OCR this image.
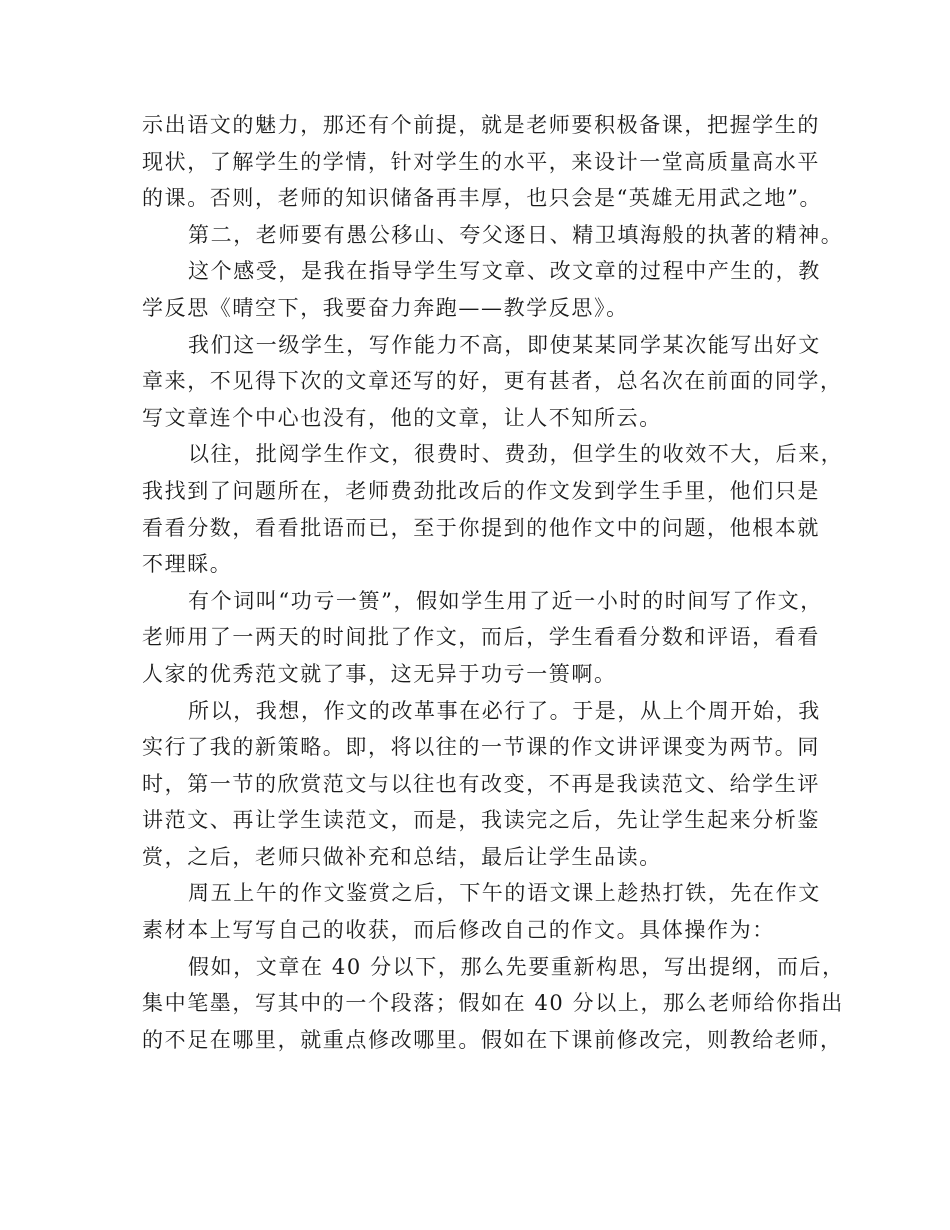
示出语文的魅力，那还有个前提，就是老师要积极备课，把握学生的
现状，了解学生的学情，针对学生的水平，来设计一堂高质量高水平
的课。否则，老师的知识储备再丰厚，也只会是“英雄无用武之地”。
第二，老师要有愚公移山、夸父逐日、精卫填海般的执著的精神。
这个感受，是我在指导学生写文章、改文章的过程中产生的，教
学反思《晴空下，我要奋力奔跑——教学反思》。
我们这一级学生，写作能力不高，即使某某同学某次能写出好文
章来，不见得下次的文章还写的好，更有甚者，总名次在前面的同学，
写文章连个中心也没有，他的文章，让人不知所云。
以往，批阅学生作文，很费时、费劲，但学生的收效不大，后来，
我找到了问题所在，老师费劲批改后的作文发到学生手里，他们只是
看看分数，看看批语而已，至于你提到的他作文中的问题，他根本就
不理睬。
有个词叫“功亏一篑”，假如学生用了近一小时的时间写了作文，
老师用了一两天的时间批了作文，而后，学生看看分数和评语，看看
人家的优秀范文就了事，这无异于功亏一篑啊。
所以，我想，作文的改革事在必行了。于是，从上个周开始，我
实行了我的新策略。即，将以往的一节课的作文讲评课变为两节。同
时，第一节的欣赏范文与以往也有改变，不再是我读范文、给学生评
讲范文、再让学生读范文，而是，我读完之后，先让学生起来分析鉴
赏，之后，老师只做补充和总结，最后让学生品读。
周五上午的作文鉴赏之后，下午的语文课上趁热打铁，先在作文
素材本上写写自己的收获，而后修改自己的作文。具体操作为：
假如，文章在 40 分以下，那么先要重新构思，写出提纲，而后，
集中笔墨，写其中的一个段落；假如在 40 分以上，那么老师给你指出
的不足在哪里，就重点修改哪里。假如在下课前修改完，则教给老师，
